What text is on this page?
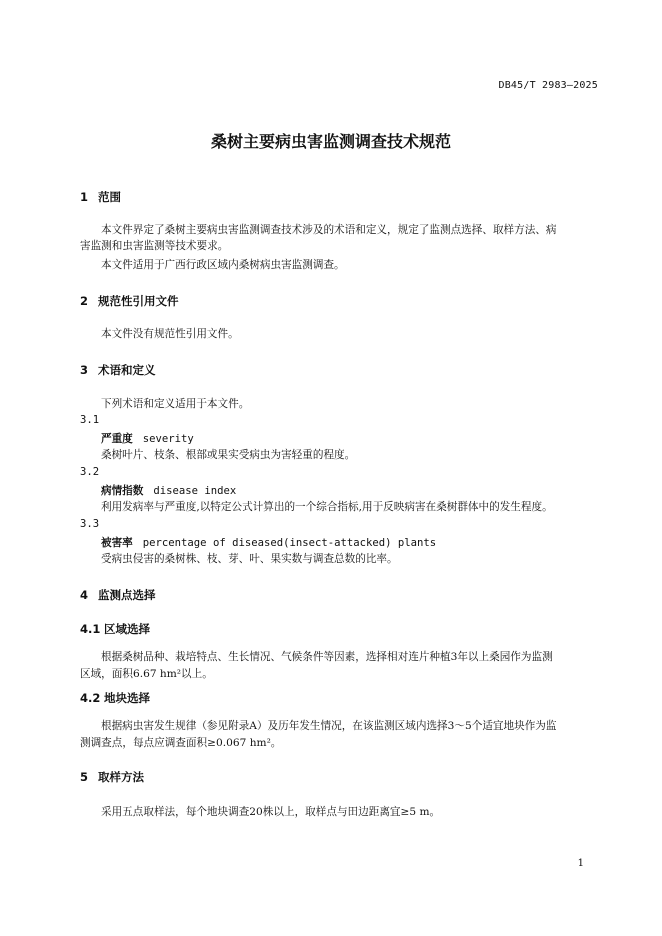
DB45/T 2983—2025
桑树主要病虫害监测调查技术规范
1 范围
本文件界定了桑树主要病虫害监测调查技术涉及的术语和定义，规定了监测点选择、取样方法、病
害监测和虫害监测等技术要求。
本文件适用于广西行政区域内桑树病虫害监测调查。
2 规范性引用文件
本文件没有规范性引用文件。
3 术语和定义
下列术语和定义适用于本文件。
3.1
严重度 severity
桑树叶片、枝条、根部或果实受病虫为害轻重的程度。
3.2
病情指数 disease index
利用发病率与严重度,以特定公式计算出的一个综合指标,用于反映病害在桑树群体中的发生程度。
3.3
被害率 percentage of diseased(insect-attacked) plants
受病虫侵害的桑树株、枝、芽、叶、果实数与调查总数的比率。
4 监测点选择
4.1 区域选择
根据桑树品种、栽培特点、生长情况、气候条件等因素，选择相对连片种植3年以上桑园作为监测
区域，面积6.67 hm²以上。
4.2 地块选择
根据病虫害发生规律（参见附录A）及历年发生情况，在该监测区域内选择3～5个适宜地块作为监
测调查点，每点应调查面积≥0.067 hm²。
5 取样方法
采用五点取样法，每个地块调查20株以上，取样点与田边距离宜≥5 m。
1
